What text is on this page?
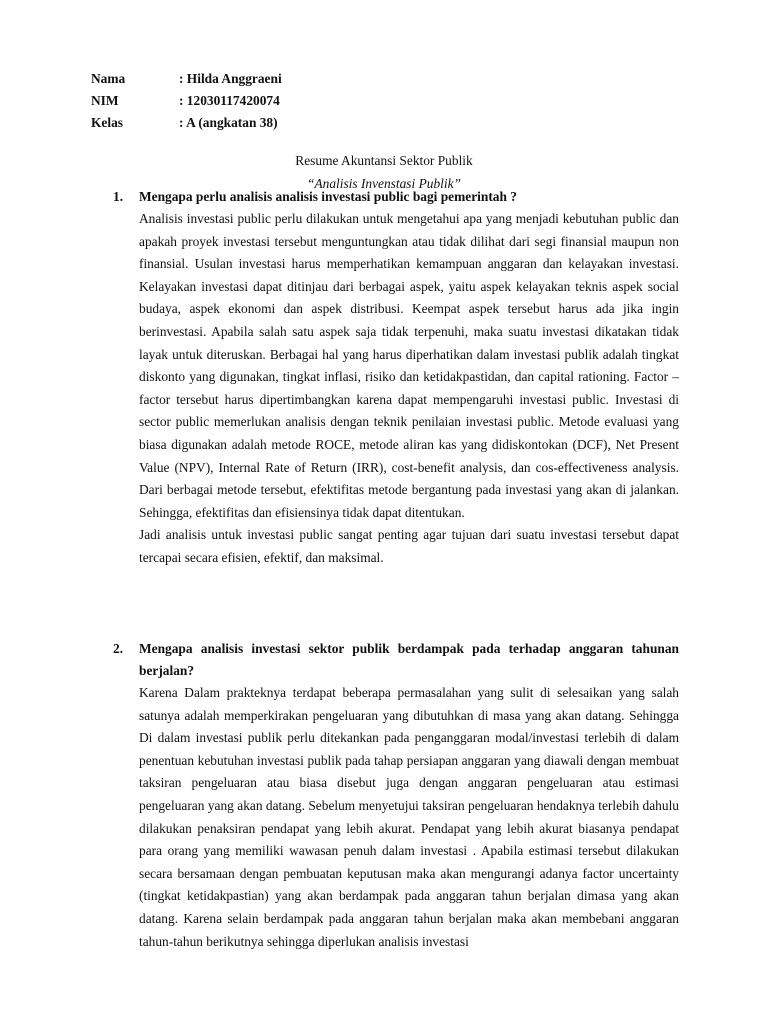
Nama	: Hilda Anggraeni
NIM	: 12030117420074
Kelas	: A (angkatan 38)
Resume Akuntansi Sektor Publik
“Analisis Invenstasi Publik”
1.	Mengapa perlu analisis analisis investasi public bagi pemerintah ?

Analisis investasi public perlu dilakukan untuk mengetahui apa yang menjadi kebutuhan public dan apakah proyek investasi tersebut menguntungkan atau tidak dilihat dari segi finansial maupun non finansial. Usulan investasi harus memperhatikan kemampuan anggaran dan kelayakan investasi. Kelayakan investasi dapat ditinjau dari berbagai aspek, yaitu aspek kelayakan teknis aspek social budaya, aspek ekonomi dan aspek distribusi. Keempat aspek tersebut harus ada jika ingin berinvestasi. Apabila salah satu aspek saja tidak terpenuhi, maka suatu investasi dikatakan tidak layak untuk diteruskan. Berbagai hal yang harus diperhatikan dalam investasi publik adalah tingkat diskonto yang digunakan, tingkat inflasi, risiko dan ketidakpastidan, dan capital rationing. Factor – factor tersebut harus dipertimbangkan karena dapat mempengaruhi investasi public. Investasi di sector public memerlukan analisis dengan teknik penilaian investasi public. Metode evaluasi yang biasa digunakan adalah metode ROCE, metode aliran kas yang didiskontokan (DCF), Net Present Value (NPV), Internal Rate of Return (IRR), cost-benefit analysis, dan cos-effectiveness analysis. Dari berbagai metode tersebut, efektifitas metode bergantung pada investasi yang akan di jalankan. Sehingga, efektifitas dan efisiensinya tidak dapat ditentukan.

Jadi analisis untuk investasi public sangat penting agar tujuan dari suatu investasi tersebut dapat tercapai secara efisien, efektif, dan maksimal.

2.	Mengapa analisis investasi sektor publik berdampak pada terhadap anggaran tahunan berjalan?

Karena Dalam prakteknya terdapat beberapa permasalahan yang sulit di selesaikan yang salah satunya adalah memperkirakan pengeluaran yang dibutuhkan di masa yang akan datang. Sehingga Di dalam investasi publik perlu ditekankan pada penganggaran modal/investasi terlebih di dalam penentuan kebutuhan investasi publik pada tahap persiapan anggaran yang diawali dengan membuat taksiran pengeluaran atau biasa disebut juga dengan anggaran pengeluaran atau estimasi pengeluaran yang akan datang. Sebelum menyetujui taksiran pengeluaran hendaknya terlebih dahulu dilakukan penaksiran pendapat yang lebih akurat. Pendapat yang lebih akurat biasanya pendapat para orang yang memiliki wawasan penuh dalam investasi . Apabila estimasi tersebut dilakukan secara bersamaan dengan pembuatan keputusan maka akan mengurangi adanya factor uncertainty (tingkat ketidakpastian) yang akan berdampak pada anggaran tahun berjalan dimasa yang akan datang. Karena selain berdampak pada anggaran tahun berjalan maka akan membebani anggaran tahun-tahun berikutnya sehingga diperlukan analisis investasi
